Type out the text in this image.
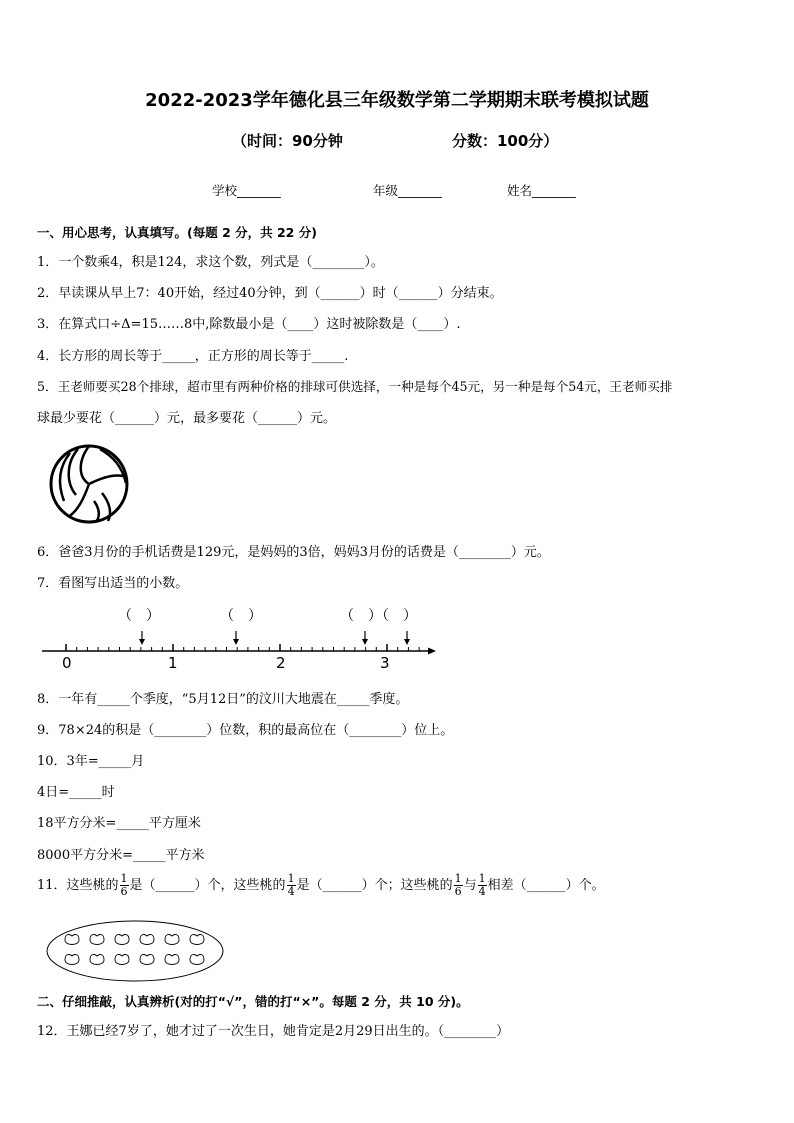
2022-2023学年德化县三年级数学第二学期期末联考模拟试题
（时间：90分钟	分数：100分）
学校_______	年级_______	姓名_______
一、用心思考，认真填写。(每题 2 分，共 22 分)
1．一个数乘4，积是124，求这个数，列式是（________）。
2．早读课从早上7：40开始，经过40分钟，到（______）时（______）分结束。
3．在算式口÷Δ=15……8中,除数最小是（____）这时被除数是（____）.
4．长方形的周长等于_____，正方形的周长等于_____.
5．王老师要买28个排球，超市里有两种价格的排球可供选择，一种是每个45元，另一种是每个54元，王老师买排
球最少要花（______）元，最多要花（______）元。
6．爸爸3月份的手机话费是129元，是妈妈的3倍，妈妈3月份的话费是（________）元。
7．看图写出适当的小数。
（　）	（　）	（　）（　）
0	1	2	3
8．一年有_____个季度，“5月12日”的汶川大地震在_____季度。
9．78×24的积是（________）位数，积的最高位在（________）位上。
10．3年=_____月
4日=_____时
18平方分米=_____平方厘米
8000平方分米=_____平方米
11．这些桃的 $\frac{1}{6}$ 是（______）个，这些桃的 $\frac{1}{4}$ 是（______）个；这些桃的 $\frac{1}{6}$ 与 $\frac{1}{4}$ 相差（______）个。
二、仔细推敲，认真辨析(对的打“√”，错的打“×”。每题 2 分，共 10 分)。
12．王娜已经7岁了，她才过了一次生日，她肯定是2月29日出生的。（________）
